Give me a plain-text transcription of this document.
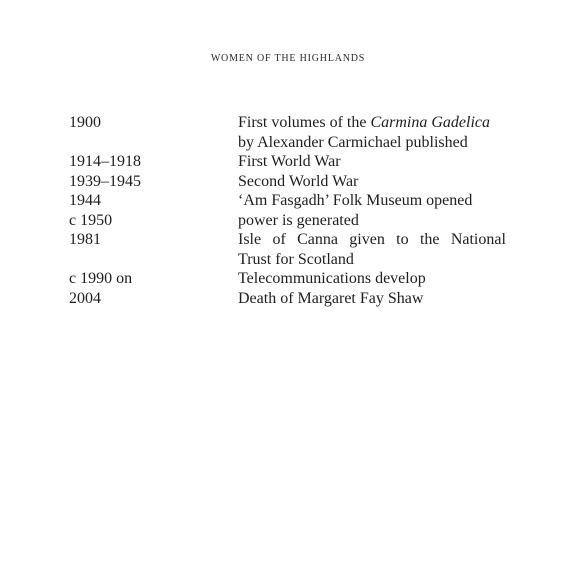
WOMEN OF THE HIGHLANDS
1900	First volumes of the Carmina Gadelica
by Alexander Carmichael published
1914–1918	First World War
1939–1945	Second World War
1944	‘Am Fasgadh’ Folk Museum opened
c 1950	power is generated
1981	Isle of Canna given to the National
Trust for Scotland
c 1990 on	Telecommunications develop
2004	Death of Margaret Fay Shaw
